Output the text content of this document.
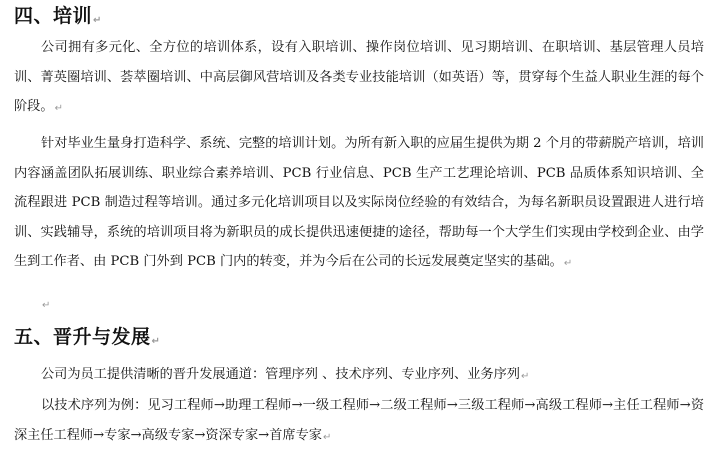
四、培训↵
公司拥有多元化、全方位的培训体系，设有入职培训、操作岗位培训、见习期培训、在职培训、基层管理人员培训、菁英圈培训、荟萃圈培训、中高层御风营培训及各类专业技能培训（如英语）等，贯穿每个生益人职业生涯的每个阶段。↵
针对毕业生量身打造科学、系统、完整的培训计划。为所有新入职的应届生提供为期 2 个月的带薪脱产培训，培训内容涵盖团队拓展训练、职业综合素养培训、PCB 行业信息、PCB 生产工艺理论培训、PCB 品质体系知识培训、全流程跟进 PCB 制造过程等培训。通过多元化培训项目以及实际岗位经验的有效结合，为每名新职员设置跟进人进行培训、实践辅导，系统的培训项目将为新职员的成长提供迅速便捷的途径，帮助每一个大学生们实现由学校到企业、由学生到工作者、由 PCB 门外到 PCB 门内的转变，并为今后在公司的长远发展奠定坚实的基础。↵
↵
五、晋升与发展↵
公司为员工提供清晰的晋升发展通道：管理序列 、技术序列、专业序列、业务序列↵
以技术序列为例：见习工程师→助理工程师→一级工程师→二级工程师→三级工程师→高级工程师→主任工程师→资深主任工程师→专家→高级专家→资深专家→首席专家↵
